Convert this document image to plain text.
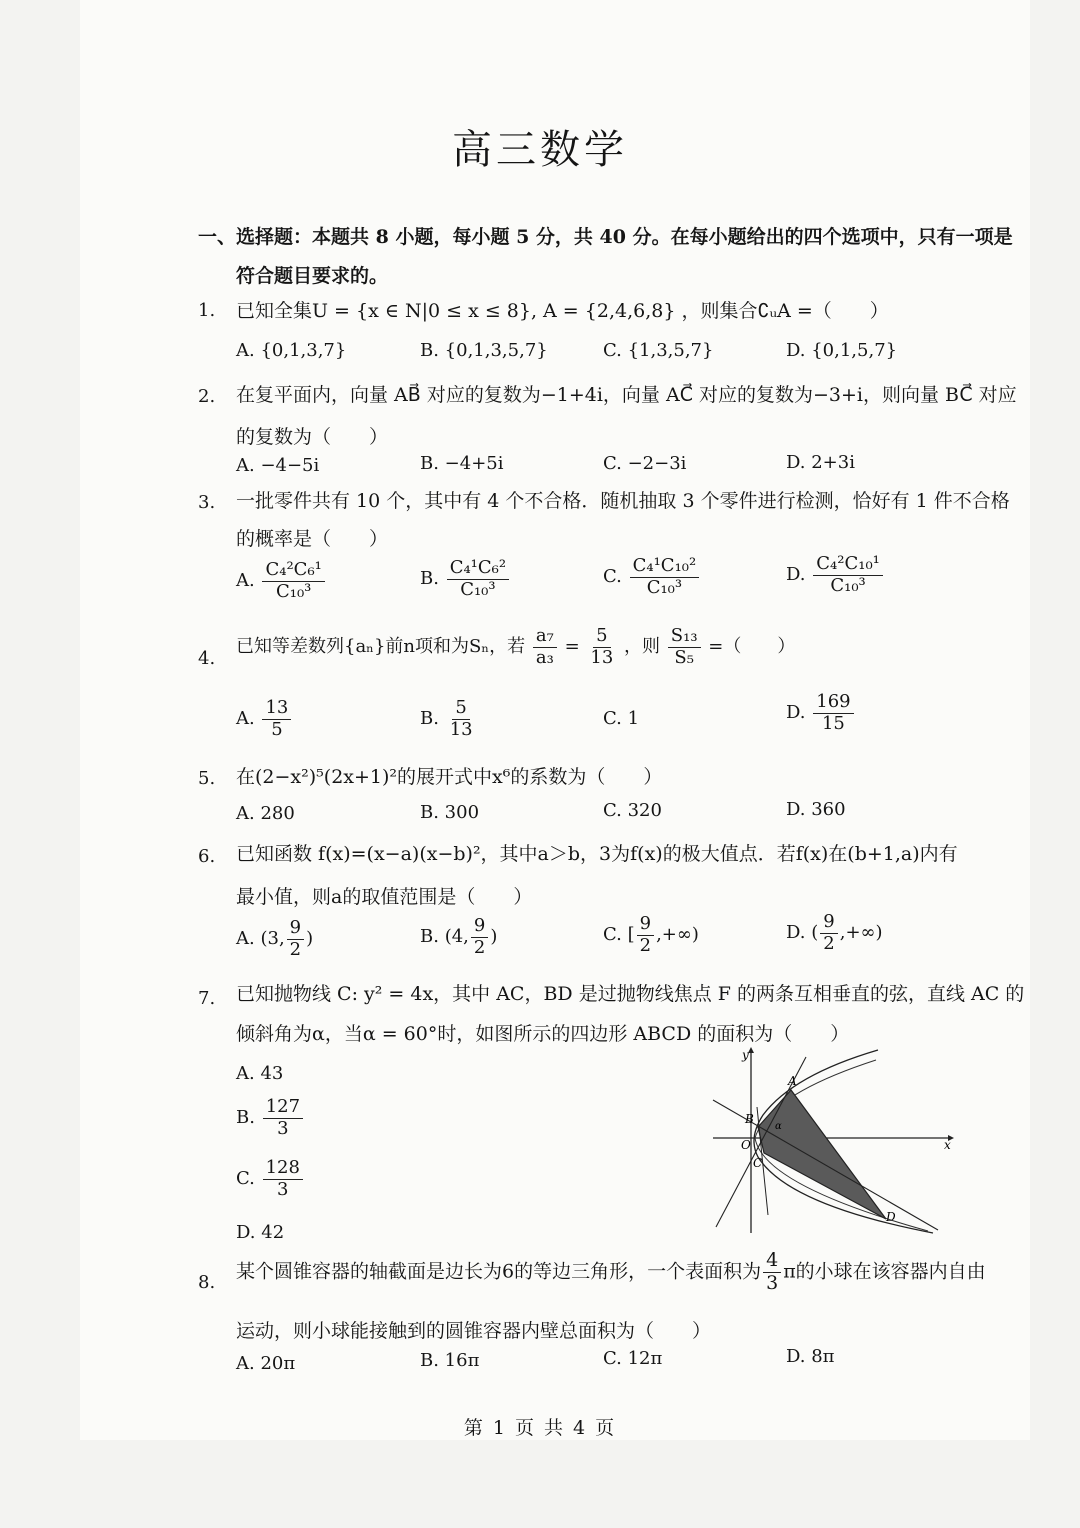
高三数学
一、选择题：本题共 8 小题，每小题 5 分，共 40 分。在每小题给出的四个选项中，只有一项是
符合题目要求的。
1. 已知全集U = {x ∈ N|0 ≤ x ≤ 8}, A = {2,4,6,8} ，则集合∁ᵤA =（　　）
A. {0,1,3,7}	B. {0,1,3,5,7}	C. {1,3,5,7}	D. {0,1,5,7}
2. 在复平面内，向量 AB⃗ 对应的复数为−1+4i，向量 AC⃗ 对应的复数为−3+i，则向量 BC⃗ 对应
的复数为（　　）
A. −4−5i	B. −4+5i	C. −2−3i	D. 2+3i
3. 一批零件共有 10 个，其中有 4 个不合格．随机抽取 3 个零件进行检测，恰好有 1 件不合格
的概率是（　　）
A. $\frac{\text{C₄²C₆¹}}{\text{C₁₀³}}$	B. $\frac{\text{C₄¹C₆²}}{\text{C₁₀³}}$	C. $\frac{\text{C₄¹C₁₀²}}{\text{C₁₀³}}$	D. $\frac{\text{C₄²C₁₀¹}}{\text{C₁₀³}}$
4.
已知等差数列{aₙ}前n项和为Sₙ，若 $\frac{\text{a₇}}{\text{a₃}} = \frac{5}{13}$ ，则 $\frac{\text{S₁₃}}{\text{S₅}}$ =（　　）
A. $\frac{13}{5}$	B. $\frac{5}{13}$	C. 1	D. $\frac{169}{15}$
5. 在(2−x²)⁵(2x+1)²的展开式中x⁶的系数为（　　）
A. 280	B. 300	C. 320	D. 360
6. 已知函数 f(x)=(x−a)(x−b)²，其中a＞b，3为f(x)的极大值点．若f(x)在(b+1,a)内有
最小值，则a的取值范围是（　　）
A. (3, $\frac{9}{2}$ )	B. (4, $\frac{9}{2}$ )	C. [ $\frac{9}{2}$ ,+∞)	D. ( $\frac{9}{2}$ ,+∞)
7. 已知抛物线 C: y² = 4x，其中 AC，BD 是过抛物线焦点 F 的两条互相垂直的弦，直线 AC 的
倾斜角为α，当α = 60°时，如图所示的四边形 ABCD 的面积为（　　）
A. 43
B. $\frac{127}{3}$
C. $\frac{128}{3}$
D. 42
y
x
O
A
B
C
D
α
8.
某个圆锥容器的轴截面是边长为6的等边三角形，一个表面积为 $\frac{4}{3}$ π的小球在该容器内自由
运动，则小球能接触到的圆锥容器内壁总面积为（　　）
A. 20π	B. 16π	C. 12π	D. 8π
第 1 页 共 4 页
